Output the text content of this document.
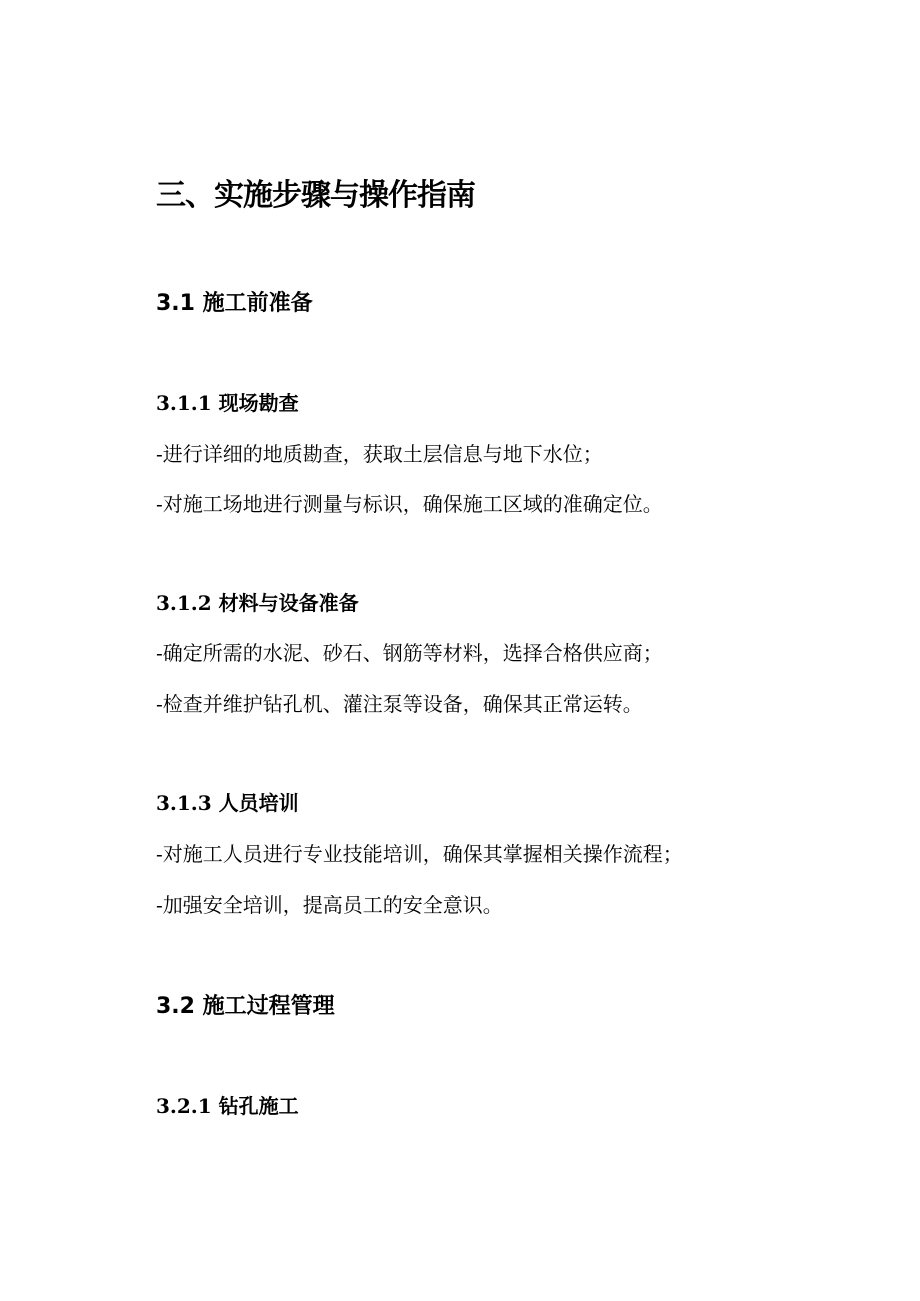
三、实施步骤与操作指南
3.1 施工前准备
3.1.1 现场勘查

-进行详细的地质勘查，获取土层信息与地下水位；

-对施工场地进行测量与标识，确保施工区域的准确定位。

3.1.2 材料与设备准备

-确定所需的水泥、砂石、钢筋等材料，选择合格供应商；

-检查并维护钻孔机、灌注泵等设备，确保其正常运转。

3.1.3 人员培训

-对施工人员进行专业技能培训，确保其掌握相关操作流程；

-加强安全培训，提高员工的安全意识。

3.2 施工过程管理
3.2.1 钻孔施工
